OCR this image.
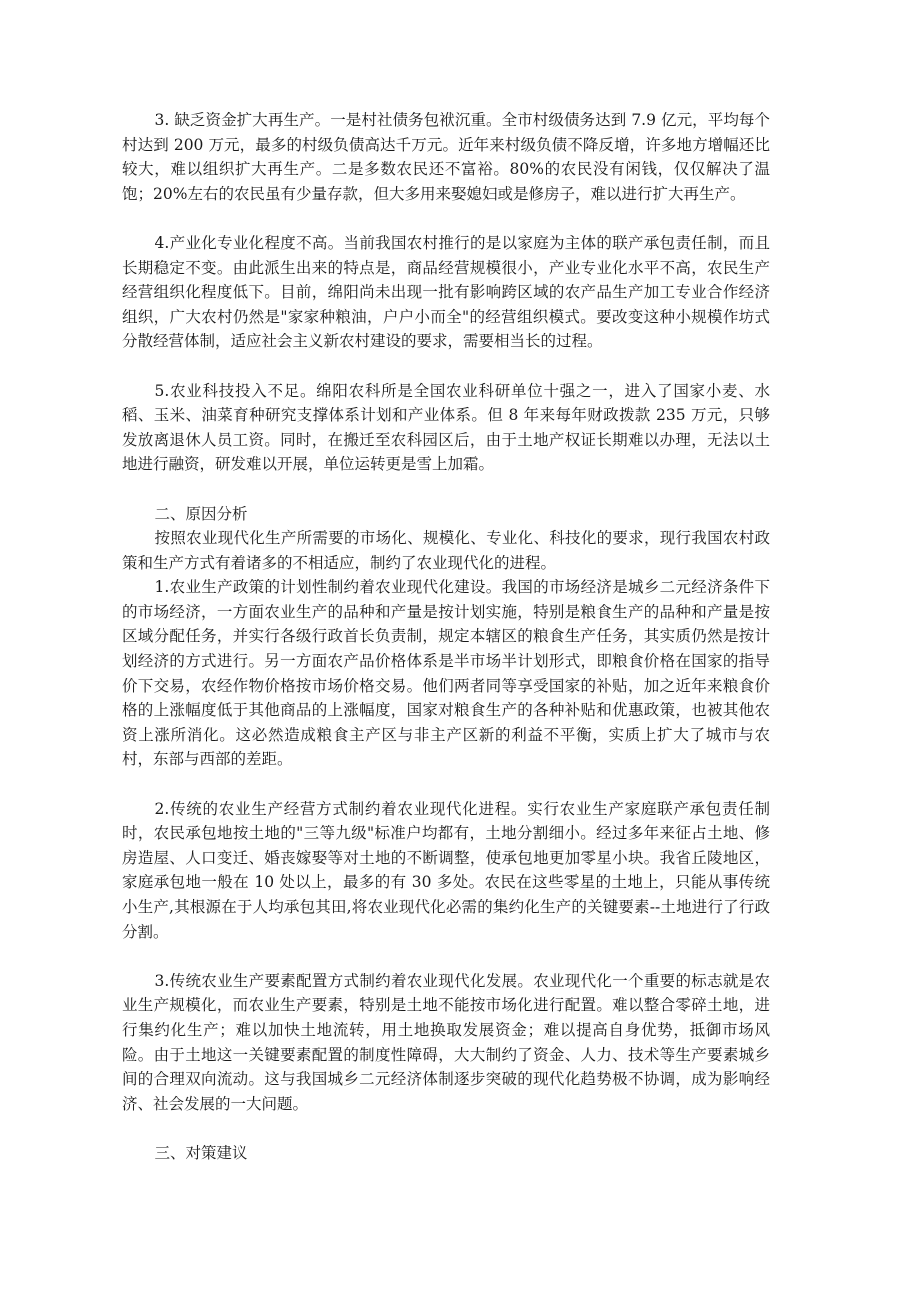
3. 缺乏资金扩大再生产。一是村社债务包袱沉重。全市村级债务达到 7.9 亿元，平均每个村达到 200 万元，最多的村级负债高达千万元。近年来村级负债不降反增，许多地方增幅还比较大，难以组织扩大再生产。二是多数农民还不富裕。80%的农民没有闲钱，仅仅解决了温饱；20%左右的农民虽有少量存款，但大多用来娶媳妇或是修房子，难以进行扩大再生产。

4.产业化专业化程度不高。当前我国农村推行的是以家庭为主体的联产承包责任制，而且长期稳定不变。由此派生出来的特点是，商品经营规模很小，产业专业化水平不高，农民生产经营组织化程度低下。目前，绵阳尚未出现一批有影响跨区域的农产品生产加工专业合作经济组织，广大农村仍然是"家家种粮油，户户小而全"的经营组织模式。要改变这种小规模作坊式分散经营体制，适应社会主义新农村建设的要求，需要相当长的过程。

5.农业科技投入不足。绵阳农科所是全国农业科研单位十强之一，进入了国家小麦、水稻、玉米、油菜育种研究支撑体系计划和产业体系。但 8 年来每年财政拨款 235 万元，只够发放离退休人员工资。同时，在搬迁至农科园区后，由于土地产权证长期难以办理，无法以土地进行融资，研发难以开展，单位运转更是雪上加霜。

二、原因分析

按照农业现代化生产所需要的市场化、规模化、专业化、科技化的要求，现行我国农村政策和生产方式有着诸多的不相适应，制约了农业现代化的进程。

1.农业生产政策的计划性制约着农业现代化建设。我国的市场经济是城乡二元经济条件下的市场经济，一方面农业生产的品种和产量是按计划实施，特别是粮食生产的品种和产量是按区域分配任务，并实行各级行政首长负责制，规定本辖区的粮食生产任务，其实质仍然是按计划经济的方式进行。另一方面农产品价格体系是半市场半计划形式，即粮食价格在国家的指导价下交易，农经作物价格按市场价格交易。他们两者同等享受国家的补贴，加之近年来粮食价格的上涨幅度低于其他商品的上涨幅度，国家对粮食生产的各种补贴和优惠政策，也被其他农资上涨所消化。这必然造成粮食主产区与非主产区新的利益不平衡，实质上扩大了城市与农村，东部与西部的差距。

2.传统的农业生产经营方式制约着农业现代化进程。实行农业生产家庭联产承包责任制时，农民承包地按土地的"三等九级"标准户均都有，土地分割细小。经过多年来征占土地、修房造屋、人口变迁、婚丧嫁娶等对土地的不断调整，使承包地更加零星小块。我省丘陵地区，家庭承包地一般在 10 处以上，最多的有 30 多处。农民在这些零星的土地上，只能从事传统小生产,其根源在于人均承包其田,将农业现代化必需的集约化生产的关键要素--土地进行了行政分割。

3.传统农业生产要素配置方式制约着农业现代化发展。农业现代化一个重要的标志就是农业生产规模化，而农业生产要素，特别是土地不能按市场化进行配置。难以整合零碎土地，进行集约化生产；难以加快土地流转，用土地换取发展资金；难以提高自身优势，抵御市场风险。由于土地这一关键要素配置的制度性障碍，大大制约了资金、人力、技术等生产要素城乡间的合理双向流动。这与我国城乡二元经济体制逐步突破的现代化趋势极不协调，成为影响经济、社会发展的一大问题。

三、对策建议
